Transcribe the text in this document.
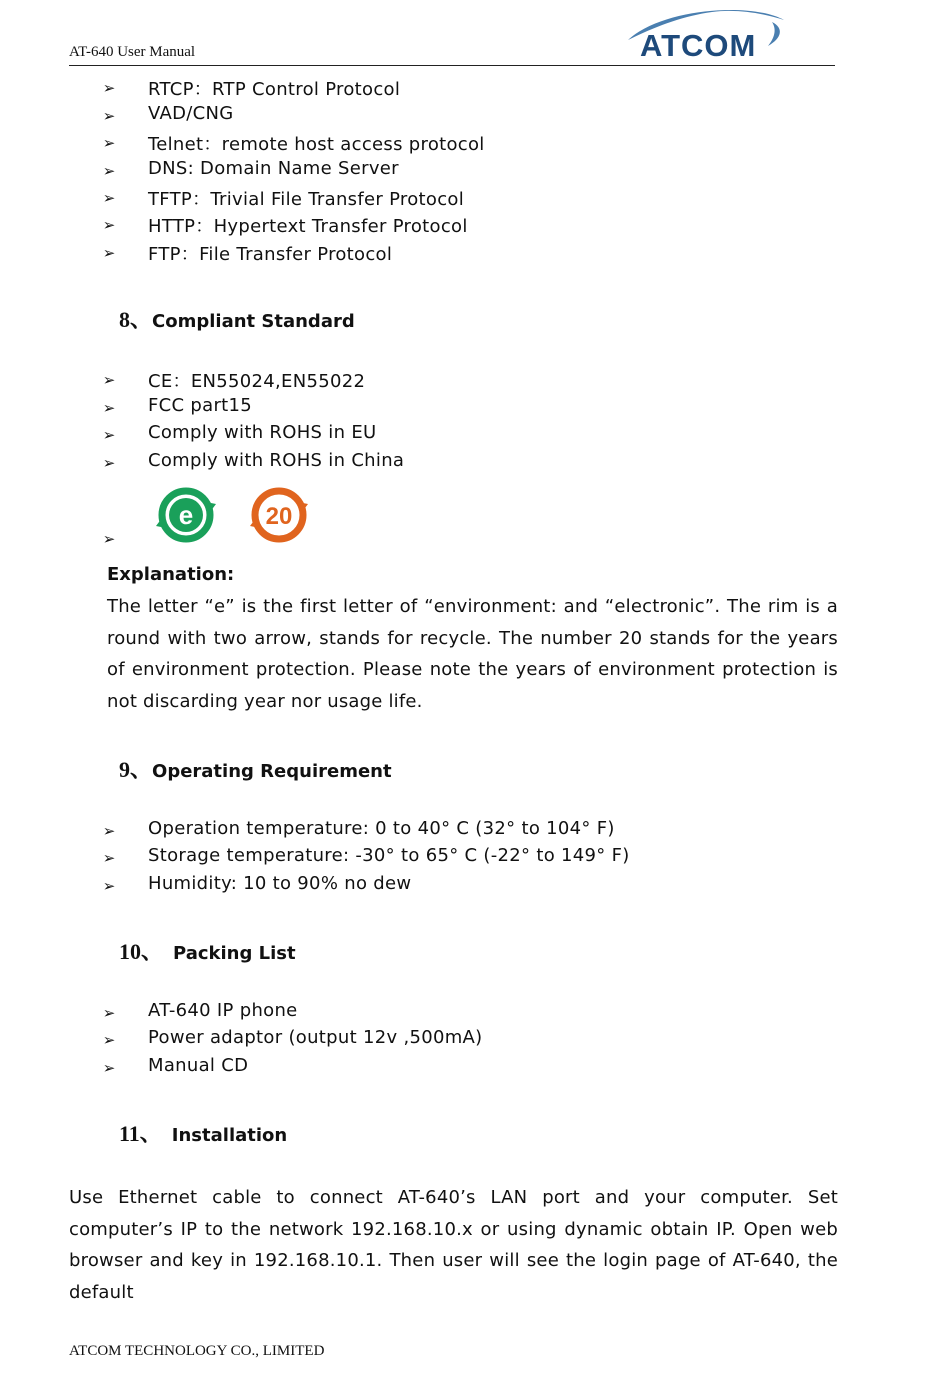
AT-640 User Manual	ATCOM
➢ RTCP：RTP Control Protocol
➢ VAD/CNG
➢ Telnet：remote host access protocol
➢ DNS: Domain Name Server
➢ TFTP：Trivial File Transfer Protocol
➢ HTTP：Hypertext Transfer Protocol
➢ FTP：File Transfer Protocol
8、Compliant Standard
➢ CE：EN55024,EN55022
➢ FCC part15
➢ Comply with ROHS in EU
➢ Comply with ROHS in China
➢
e	20
Explanation:
The letter “e” is the first letter of “environment: and “electronic”. The rim is a round with two arrow, stands for recycle. The number 20 stands for the years of environment protection. Please note the years of environment protection is not discarding year nor usage life.
9、Operating Requirement
➢ Operation temperature: 0 to 40° C (32° to 104° F)
➢ Storage temperature: -30° to 65° C (-22° to 149° F)
➢ Humidity: 10 to 90% no dew
10、 Packing List
➢ AT-640 IP phone
➢ Power adaptor (output 12v ,500mA)
➢ Manual CD
11、 Installation
Use Ethernet cable to connect AT-640’s LAN port and your computer. Set computer’s IP to the network 192.168.10.x or using dynamic obtain IP. Open web browser and key in 192.168.10.1. Then user will see the login page of AT-640, the default
ATCOM TECHNOLOGY CO., LIMITED
